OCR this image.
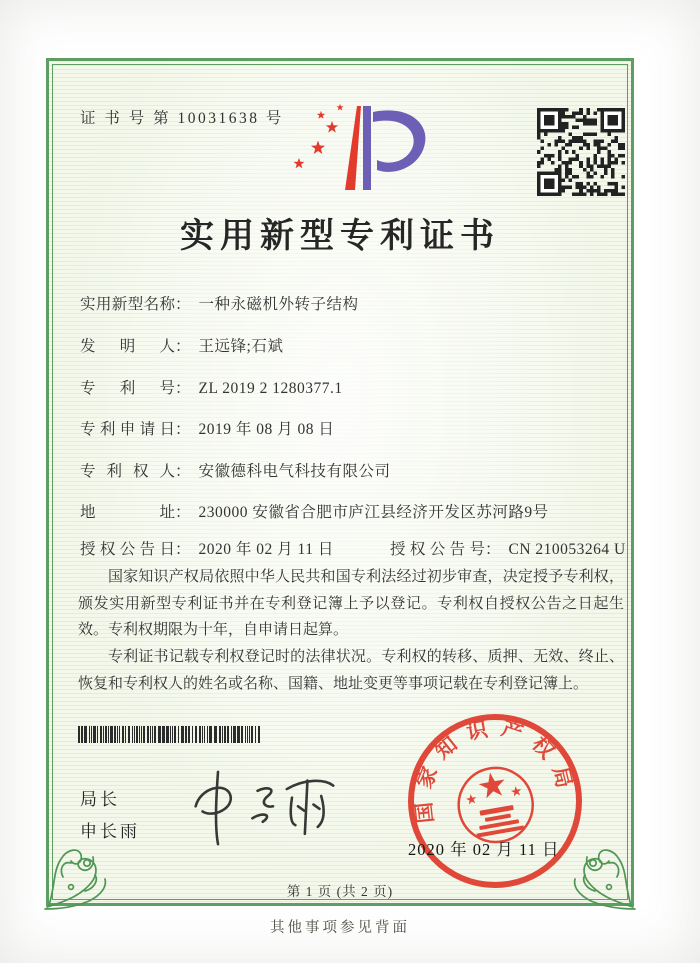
证 书 号 第 10031638 号
实用新型专利证书
实用新型名称： 一种永磁机外转子结构
发明人： 王远锋;石斌
专利号： ZL 2019 2 1280377.1
专利申请日： 2019 年 08 月 08 日
专利权人： 安徽德科电气科技有限公司
地址： 230000 安徽省合肥市庐江县经济开发区苏河路9号
授权公告日： 2020 年 02 月 11 日	授权公告号： CN 210053264 U

国家知识产权局依照中华人民共和国专利法经过初步审查，决定授予专利权，颁发实用新型专利证书并在专利登记簿上予以登记。专利权自授权公告之日起生效。专利权期限为十年，自申请日起算。

专利证书记载专利权登记时的法律状况。专利权的转移、质押、无效、终止、恢复和专利权人的姓名或名称、国籍、地址变更等事项记载在专利登记簿上。

局长
申长雨
国家知识产权局
2020 年 02 月 11 日
第 1 页 (共 2 页)
其他事项参见背面
